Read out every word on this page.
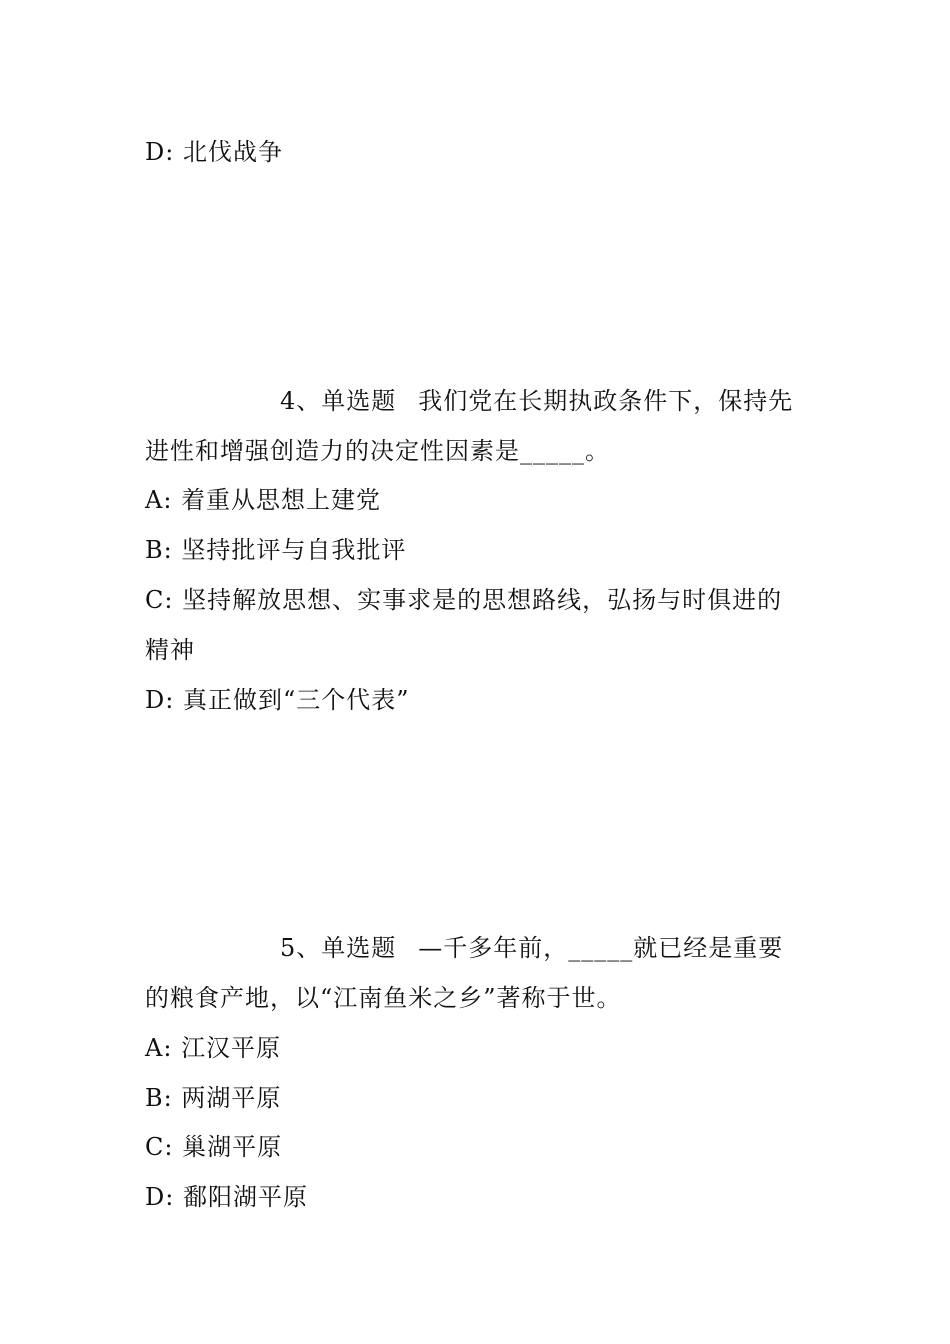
D: 北伐战争
4、单选题 我们党在长期执政条件下，保持先
进性和增强创造力的决定性因素是_____。
A: 着重从思想上建党
B: 坚持批评与自我批评
C: 坚持解放思想、实事求是的思想路线，弘扬与时俱进的
精神
D: 真正做到“三个代表”
5、单选题 —千多年前，_____就已经是重要
的粮食产地，以“江南鱼米之乡”著称于世。
A: 江汉平原
B: 两湖平原
C: 巢湖平原
D: 鄱阳湖平原
